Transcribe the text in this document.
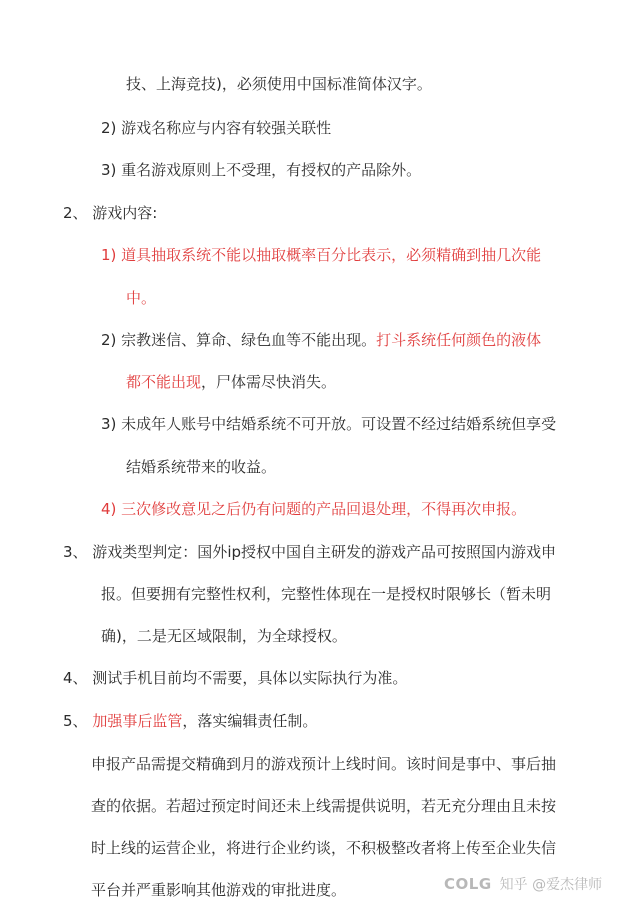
技、上海竞技)，必须使用中国标准简体汉字。
2) 游戏名称应与内容有较强关联性
3) 重名游戏原则上不受理，有授权的产品除外。
2、 游戏内容:
1) 道具抽取系统不能以抽取概率百分比表示，必须精确到抽几次能
中。
2) 宗教迷信、算命、绿色血等不能出现。打斗系统任何颜色的液体
都不能出现，尸体需尽快消失。
3) 未成年人账号中结婚系统不可开放。可设置不经过结婚系统但享受
结婚系统带来的收益。
4) 三次修改意见之后仍有问题的产品回退处理，不得再次申报。
3、 游戏类型判定：国外ip授权中国自主研发的游戏产品可按照国内游戏申
报。但要拥有完整性权利，完整性体现在一是授权时限够长（暂未明
确)，二是无区域限制，为全球授权。
4、 测试手机目前均不需要，具体以实际执行为准。
5、 加强事后监管，落实编辑责任制。
申报产品需提交精确到月的游戏预计上线时间。该时间是事中、事后抽
查的依据。若超过预定时间还未上线需提供说明，若无充分理由且未按
时上线的运营企业，将进行企业约谈，不积极整改者将上传至企业失信
平台并严重影响其他游戏的审批进度。	COLG 知乎 @爱杰律师
